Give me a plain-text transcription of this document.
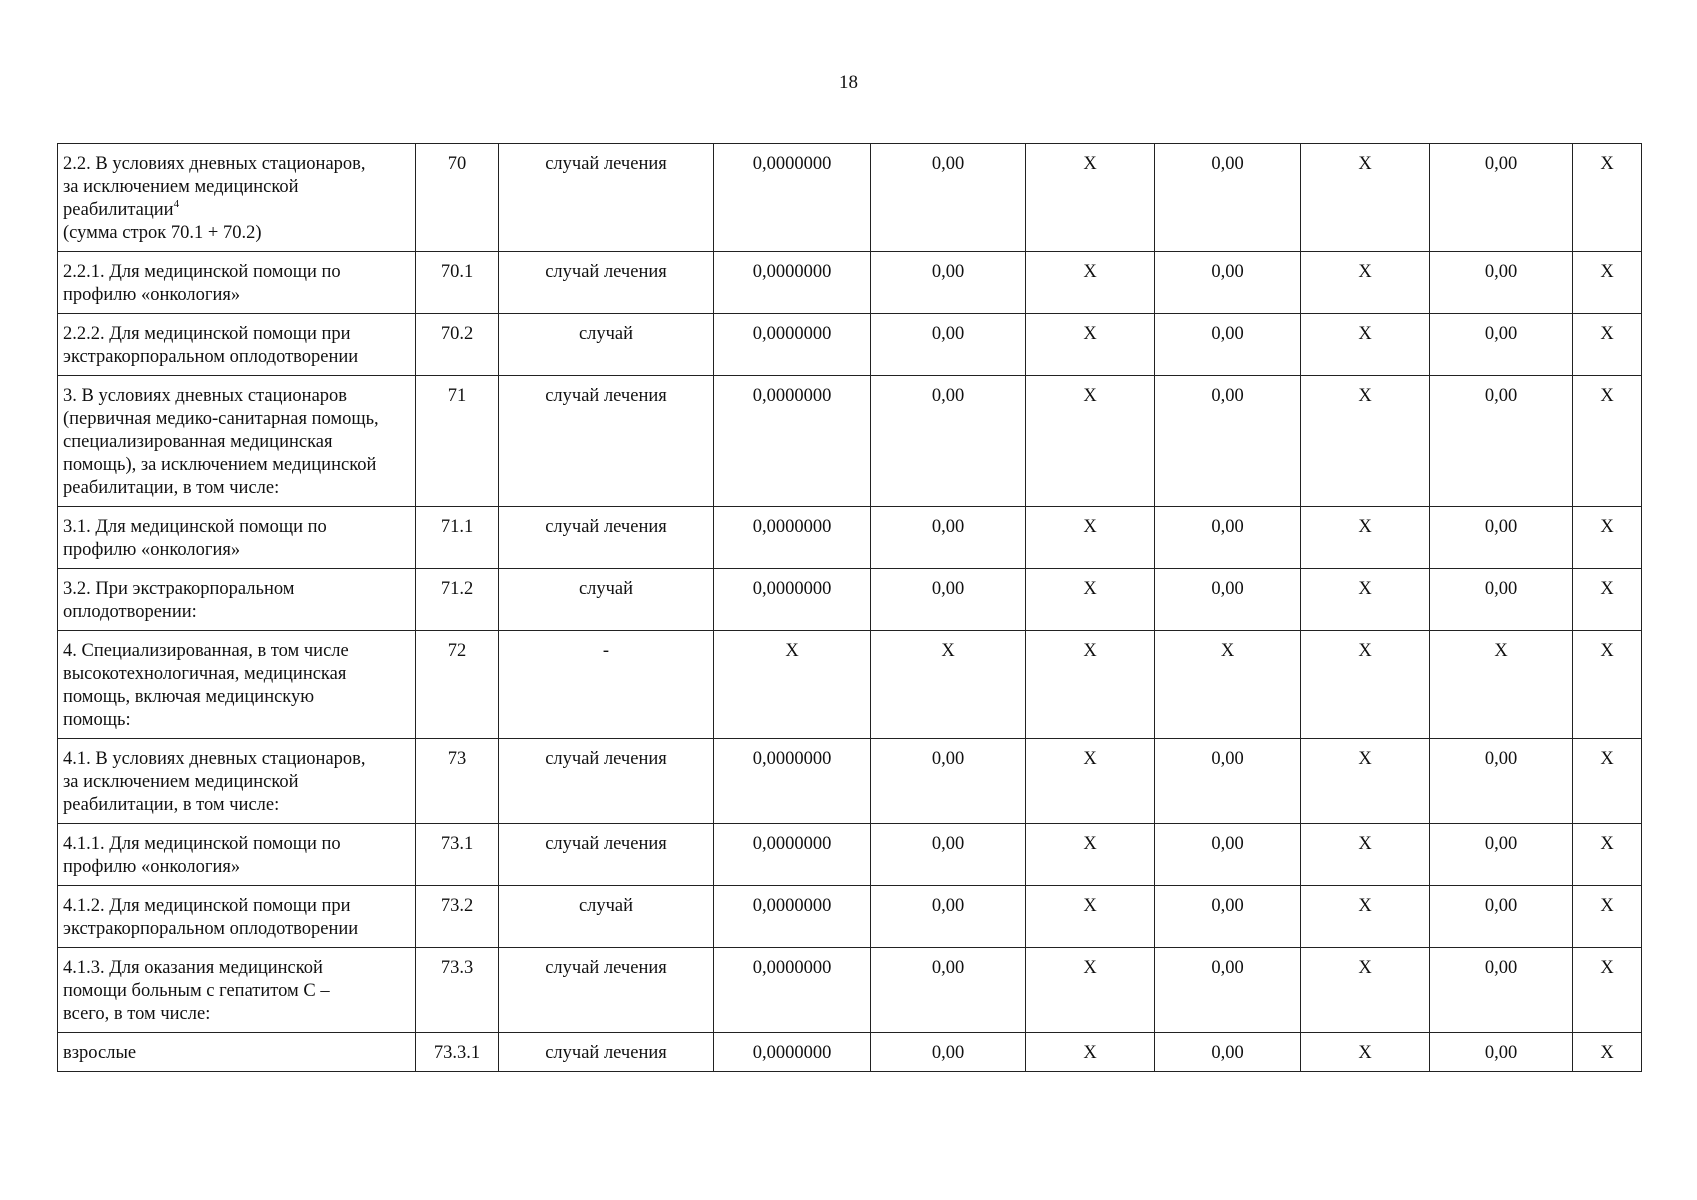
18
2.2. В условиях дневных стационаров,
за исключением медицинской
реабилитации$^4$
(сумма строк 70.1 + 70.2)	70	случай лечения	0,0000000	0,00	X	0,00	X	0,00	X

2.2.1. Для медицинской помощи по
профилю «онкология»	70.1	случай лечения	0,0000000	0,00	X	0,00	X	0,00	X

2.2.2. Для медицинской помощи при
экстракорпоральном оплодотворении	70.2	случай	0,0000000	0,00	X	0,00	X	0,00	X

3. В условиях дневных стационаров
(первичная медико-санитарная помощь,
специализированная медицинская
помощь), за исключением медицинской
реабилитации, в том числе:	71	случай лечения	0,0000000	0,00	X	0,00	X	0,00	X

3.1. Для медицинской помощи по
профилю «онкология»	71.1	случай лечения	0,0000000	0,00	X	0,00	X	0,00	X

3.2. При экстракорпоральном
оплодотворении:	71.2	случай	0,0000000	0,00	X	0,00	X	0,00	X

4. Специализированная, в том числе
высокотехнологичная, медицинская
помощь, включая медицинскую
помощь:	72	-	X	X	X	X	X	X	X

4.1. В условиях дневных стационаров,
за исключением медицинской
реабилитации, в том числе:	73	случай лечения	0,0000000	0,00	X	0,00	X	0,00	X

4.1.1. Для медицинской помощи по
профилю «онкология»	73.1	случай лечения	0,0000000	0,00	X	0,00	X	0,00	X

4.1.2. Для медицинской помощи при
экстракорпоральном оплодотворении	73.2	случай	0,0000000	0,00	X	0,00	X	0,00	X

4.1.3. Для оказания медицинской
помощи больным с гепатитом С –
всего, в том числе:	73.3	случай лечения	0,0000000	0,00	X	0,00	X	0,00	X

взрослые	73.3.1	случай лечения	0,0000000	0,00	X	0,00	X	0,00	X
